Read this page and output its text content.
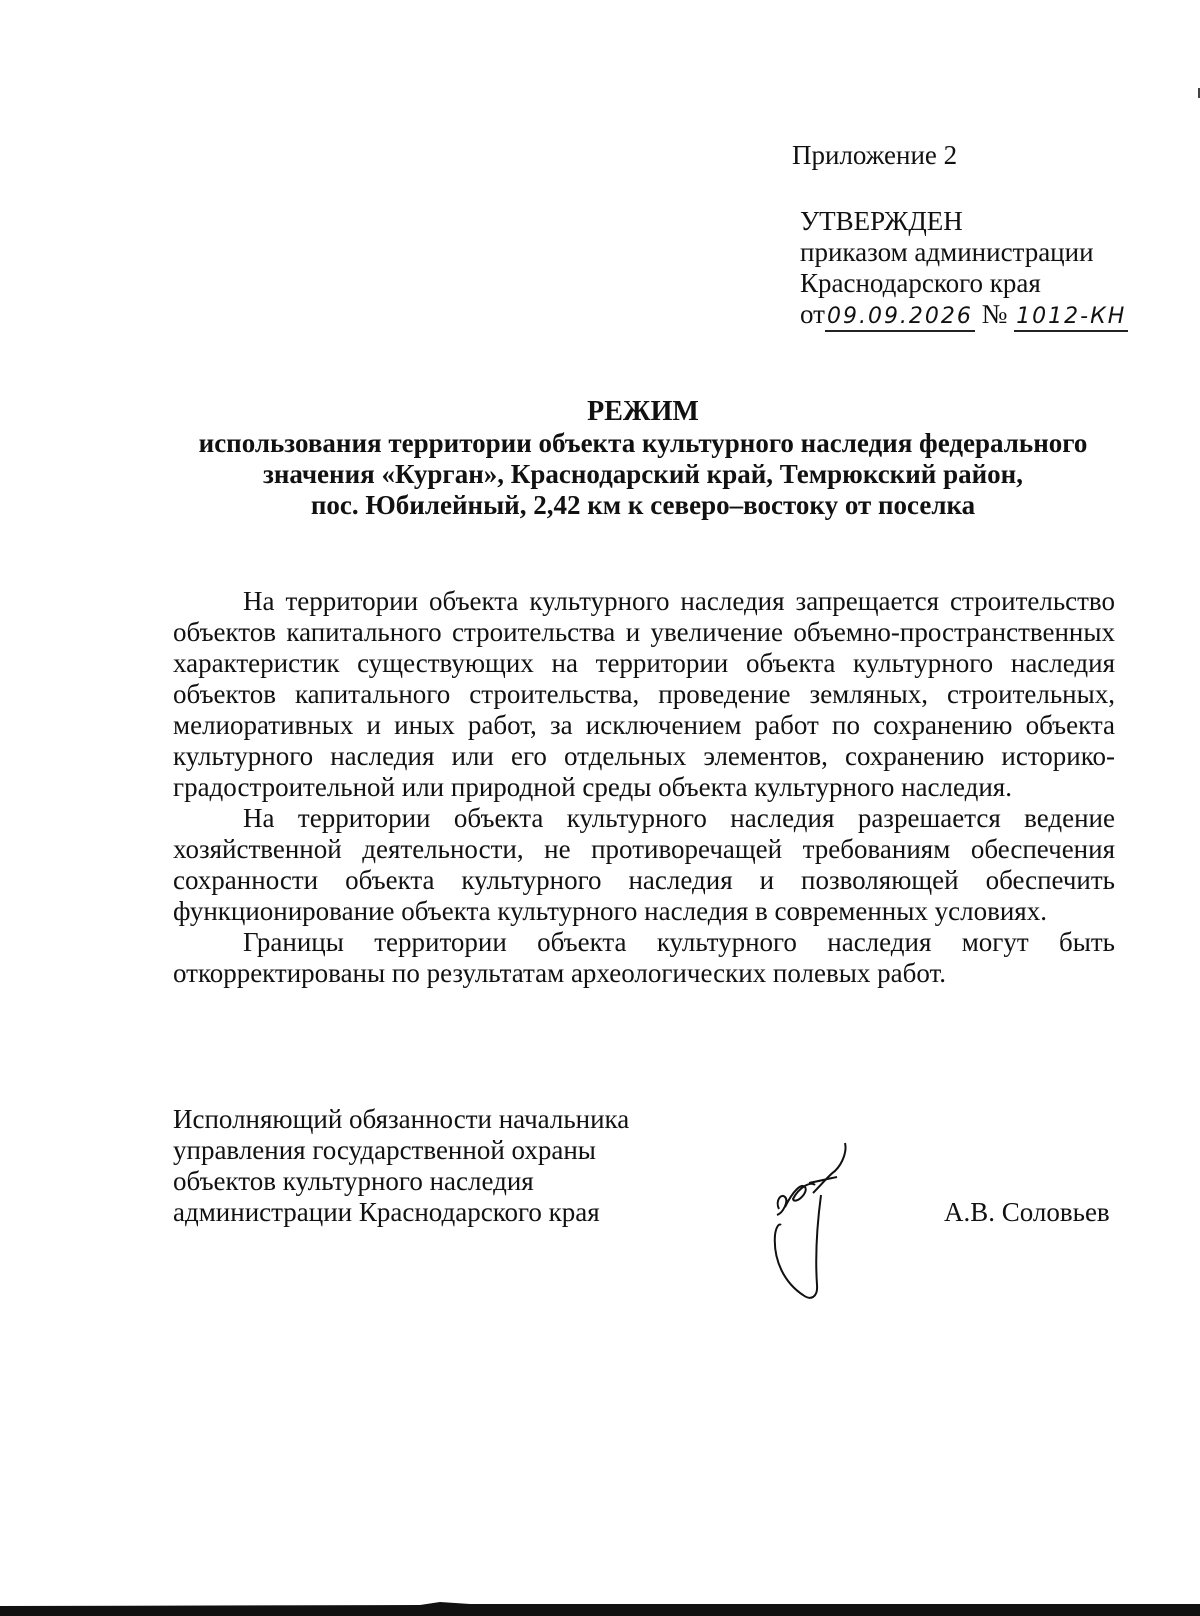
Приложение 2
УТВЕРЖДЕН
приказом администрации
Краснодарского края
от09.09.2026 № 1012-КН
РЕЖИМ
использования территории объекта культурного наследия федерального
значения «Курган», Краснодарский край, Темрюкский район,
пос. Юбилейный, 2,42 км к северо–востоку от поселка

На территории объекта культурного наследия запрещается строительство объектов капитального строительства и увеличение объемно-пространственных характеристик существующих на территории объекта культурного наследия объектов капитального строительства, проведение земляных, строительных, мелиоративных и иных работ, за исключением работ по сохранению объекта культурного наследия или его отдельных элементов, сохранению историко-градостроительной или природной среды объекта культурного наследия.

На территории объекта культурного наследия разрешается ведение хозяйственной деятельности, не противоречащей требованиям обеспечения сохранности объекта культурного наследия и позволяющей обеспечить функционирование объекта культурного наследия в современных условиях.

Границы территории объекта культурного наследия могут быть откорректированы по результатам археологических полевых работ.

Исполняющий обязанности начальника
управления государственной охраны
объектов культурного наследия
администрации Краснодарского края	А.В. Соловьев
